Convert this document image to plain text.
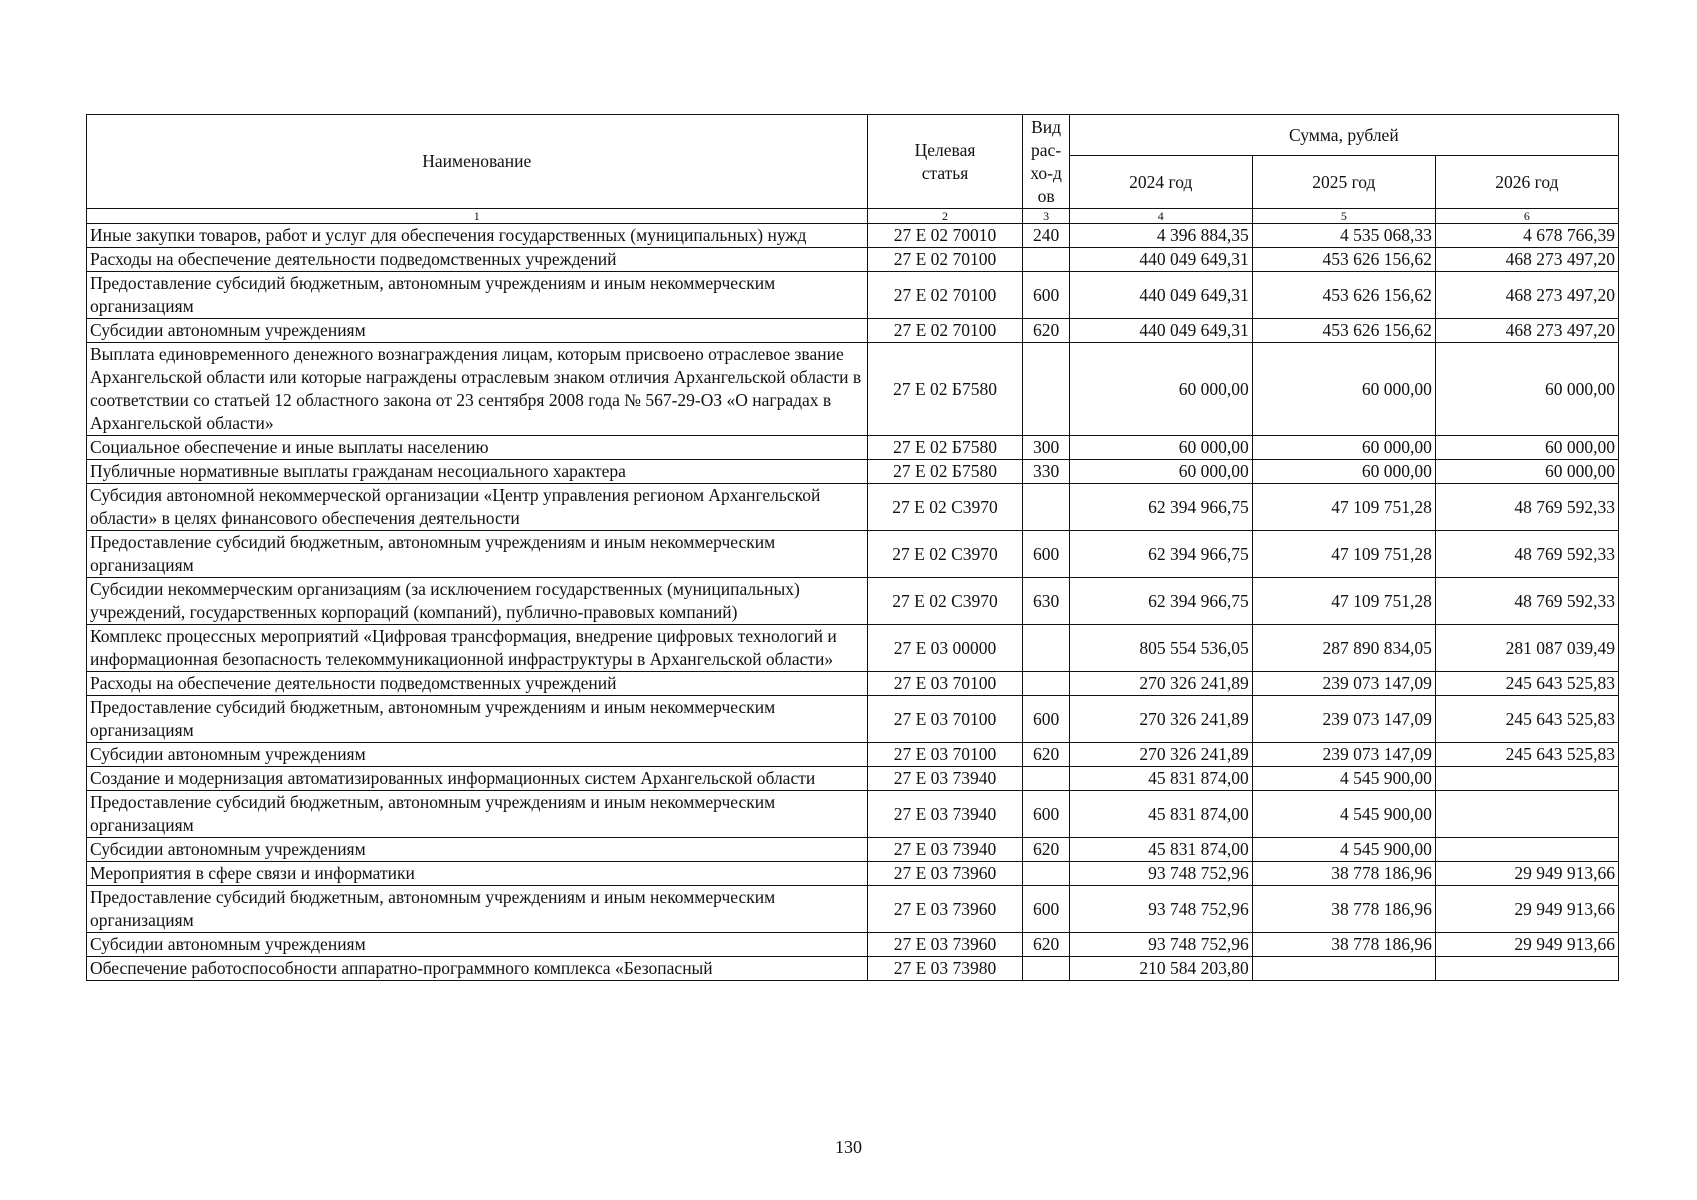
Наименование	Целевая статья	Вид рас-хо-дов	Сумма, рублей		
			2024 год	2025 год	2026 год
1	2	3	4	5	6
Иные закупки товаров, работ и услуг для обеспечения государственных (муниципальных) нужд	27 Е 02 70010	240	4 396 884,35	4 535 068,33	4 678 766,39
Расходы на обеспечение деятельности подведомственных учреждений	27 Е 02 70100		440 049 649,31	453 626 156,62	468 273 497,20
Предоставление субсидий бюджетным, автономным учреждениям и иным некоммерческим организациям	27 Е 02 70100	600	440 049 649,31	453 626 156,62	468 273 497,20
Субсидии автономным учреждениям	27 Е 02 70100	620	440 049 649,31	453 626 156,62	468 273 497,20
Выплата единовременного денежного вознаграждения лицам, которым присвоено отраслевое звание Архангельской области или которые награждены отраслевым знаком отличия Архангельской области в соответствии со статьей 12 областного закона от 23 сентября 2008 года № 567-29-ОЗ «О наградах в Архангельской области»	27 Е 02 Б7580		60 000,00	60 000,00	60 000,00
Социальное обеспечение и иные выплаты населению	27 Е 02 Б7580	300	60 000,00	60 000,00	60 000,00
Публичные нормативные выплаты гражданам несоциального характера	27 Е 02 Б7580	330	60 000,00	60 000,00	60 000,00
Субсидия автономной некоммерческой организации «Центр управления регионом Архангельской области» в целях финансового обеспечения деятельности	27 Е 02 С3970		62 394 966,75	47 109 751,28	48 769 592,33
Предоставление субсидий бюджетным, автономным учреждениям и иным некоммерческим организациям	27 Е 02 С3970	600	62 394 966,75	47 109 751,28	48 769 592,33
Субсидии некоммерческим организациям (за исключением государственных (муниципальных) учреждений, государственных корпораций (компаний), публично-правовых компаний)	27 Е 02 С3970	630	62 394 966,75	47 109 751,28	48 769 592,33
Комплекс процессных мероприятий «Цифровая трансформация, внедрение цифровых технологий и информационная безопасность телекоммуникационной инфраструктуры в Архангельской области»	27 Е 03 00000		805 554 536,05	287 890 834,05	281 087 039,49
Расходы на обеспечение деятельности подведомственных учреждений	27 Е 03 70100		270 326 241,89	239 073 147,09	245 643 525,83
Предоставление субсидий бюджетным, автономным учреждениям и иным некоммерческим организациям	27 Е 03 70100	600	270 326 241,89	239 073 147,09	245 643 525,83
Субсидии автономным учреждениям	27 Е 03 70100	620	270 326 241,89	239 073 147,09	245 643 525,83
Создание и модернизация автоматизированных информационных систем Архангельской области	27 Е 03 73940		45 831 874,00	4 545 900,00	
Предоставление субсидий бюджетным, автономным учреждениям и иным некоммерческим организациям	27 Е 03 73940	600	45 831 874,00	4 545 900,00	
Субсидии автономным учреждениям	27 Е 03 73940	620	45 831 874,00	4 545 900,00	
Мероприятия в сфере связи и информатики	27 Е 03 73960		93 748 752,96	38 778 186,96	29 949 913,66
Предоставление субсидий бюджетным, автономным учреждениям и иным некоммерческим организациям	27 Е 03 73960	600	93 748 752,96	38 778 186,96	29 949 913,66
Субсидии автономным учреждениям	27 Е 03 73960	620	93 748 752,96	38 778 186,96	29 949 913,66
Обеспечение работоспособности аппаратно-программного комплекса «Безопасный	27 Е 03 73980		210 584 203,80		
130
